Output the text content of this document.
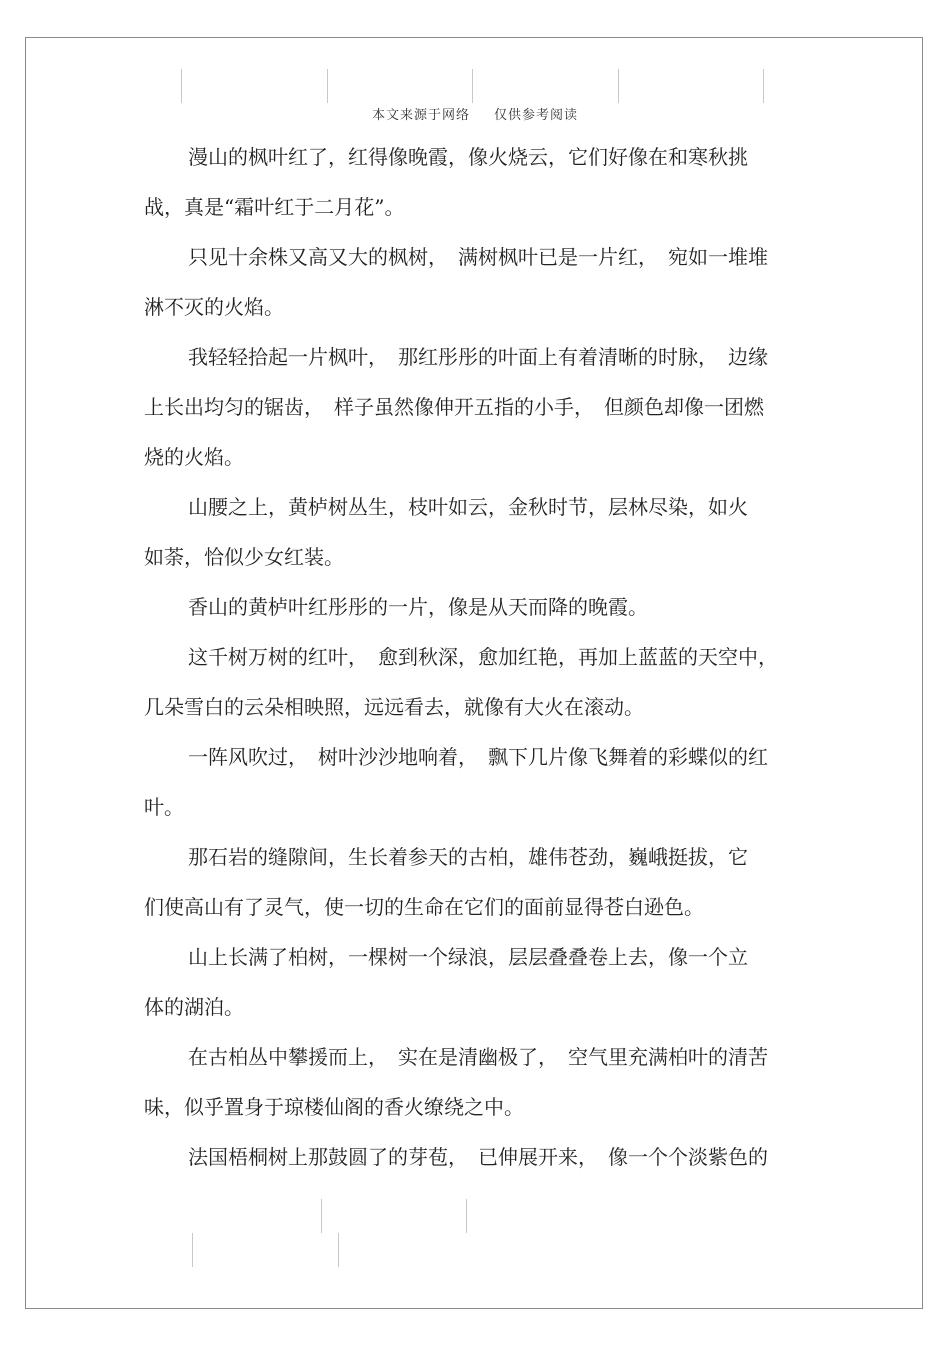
本文来源于网络 仅供参考阅读
漫山的枫叶红了，红得像晚霞，像火烧云，它们好像在和寒秋挑
战，真是“霜叶红于二月花”。
只见十余株又高又大的枫树，　满树枫叶已是一片红，　宛如一堆堆
淋不灭的火焰。
我轻轻拾起一片枫叶，　那红彤彤的叶面上有着清晰的时脉，　边缘
上长出均匀的锯齿，　样子虽然像伸开五指的小手，　但颜色却像一团燃
烧的火焰。
山腰之上，黄栌树丛生，枝叶如云，金秋时节，层林尽染，如火
如荼，恰似少女红装。
香山的黄栌叶红彤彤的一片，像是从天而降的晚霞。
这千树万树的红叶，　愈到秋深，愈加红艳，再加上蓝蓝的天空中，
几朵雪白的云朵相映照，远远看去，就像有大火在滚动。
一阵风吹过，　树叶沙沙地响着，　飘下几片像飞舞着的彩蝶似的红
叶。
那石岩的缝隙间，生长着参天的古柏，雄伟苍劲，巍峨挺拔，它
们使高山有了灵气，使一切的生命在它们的面前显得苍白逊色。
山上长满了柏树，一棵树一个绿浪，层层叠叠卷上去，像一个立
体的湖泊。
在古柏丛中攀援而上，　实在是清幽极了，　空气里充满柏叶的清苦
味，似乎置身于琼楼仙阁的香火缭绕之中。
法国梧桐树上那鼓圆了的芽苞，　已伸展开来，　像一个个淡紫色的
